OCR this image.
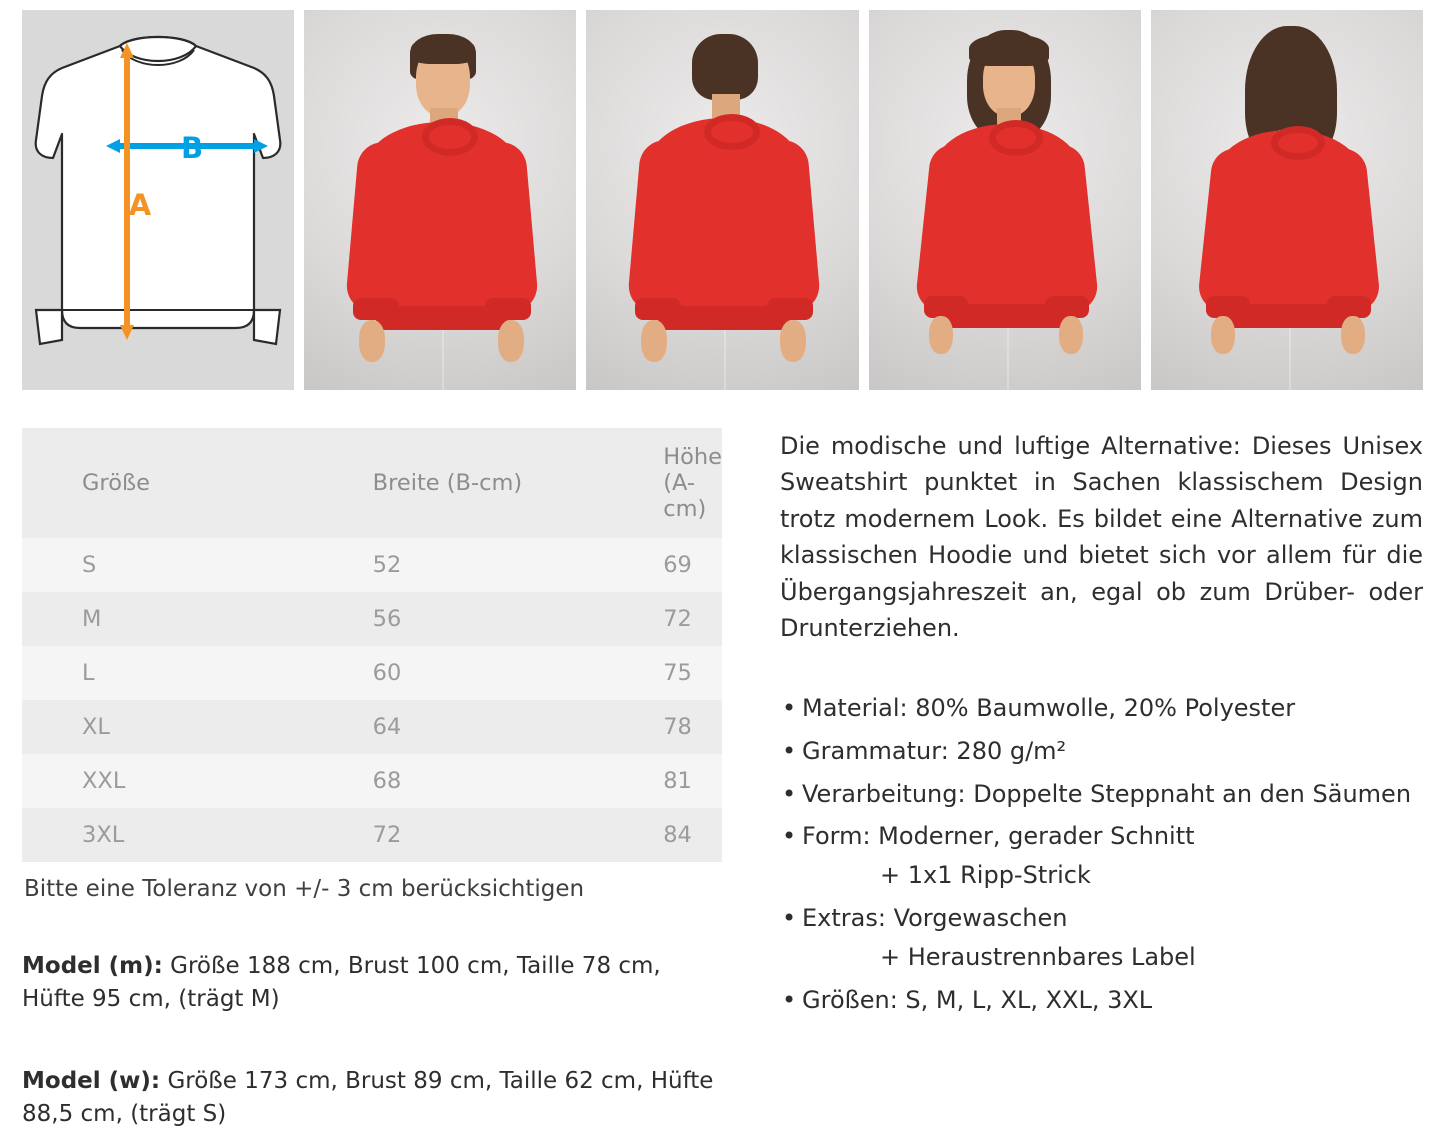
B
A
Größe	Breite (B-cm)	Höhe (A-cm)
S	52	69
M	56	72
L	60	75
XL	64	78
XXL	68	81
3XL	72	84
Bitte eine Toleranz von +/- 3 cm berücksichtigen
Model (m): Größe 188 cm, Brust 100 cm, Taille 78 cm, Hüfte 95 cm, (trägt M)
Model (w): Größe 173 cm, Brust 89 cm, Taille 62 cm, Hüfte 88,5 cm, (trägt S)

Die modische und luftige Alternative: Dieses Unisex Sweatshirt punktet in Sachen klassischem Design trotz modernem Look. Es bildet eine Alternative zum klassischen Hoodie und bietet sich vor allem für die Übergangsjahreszeit an, egal ob zum Drüber- oder Drunterziehen.

• Material: 80% Baumwolle, 20% Polyester
• Grammatur: 280 g/m²
• Verarbeitung: Doppelte Steppnaht an den Säumen
• Form: Moderner, gerader Schnitt
+ 1x1 Ripp-Strick
• Extras: Vorgewaschen
+ Heraustrennbares Label
• Größen: S, M, L, XL, XXL, 3XL
